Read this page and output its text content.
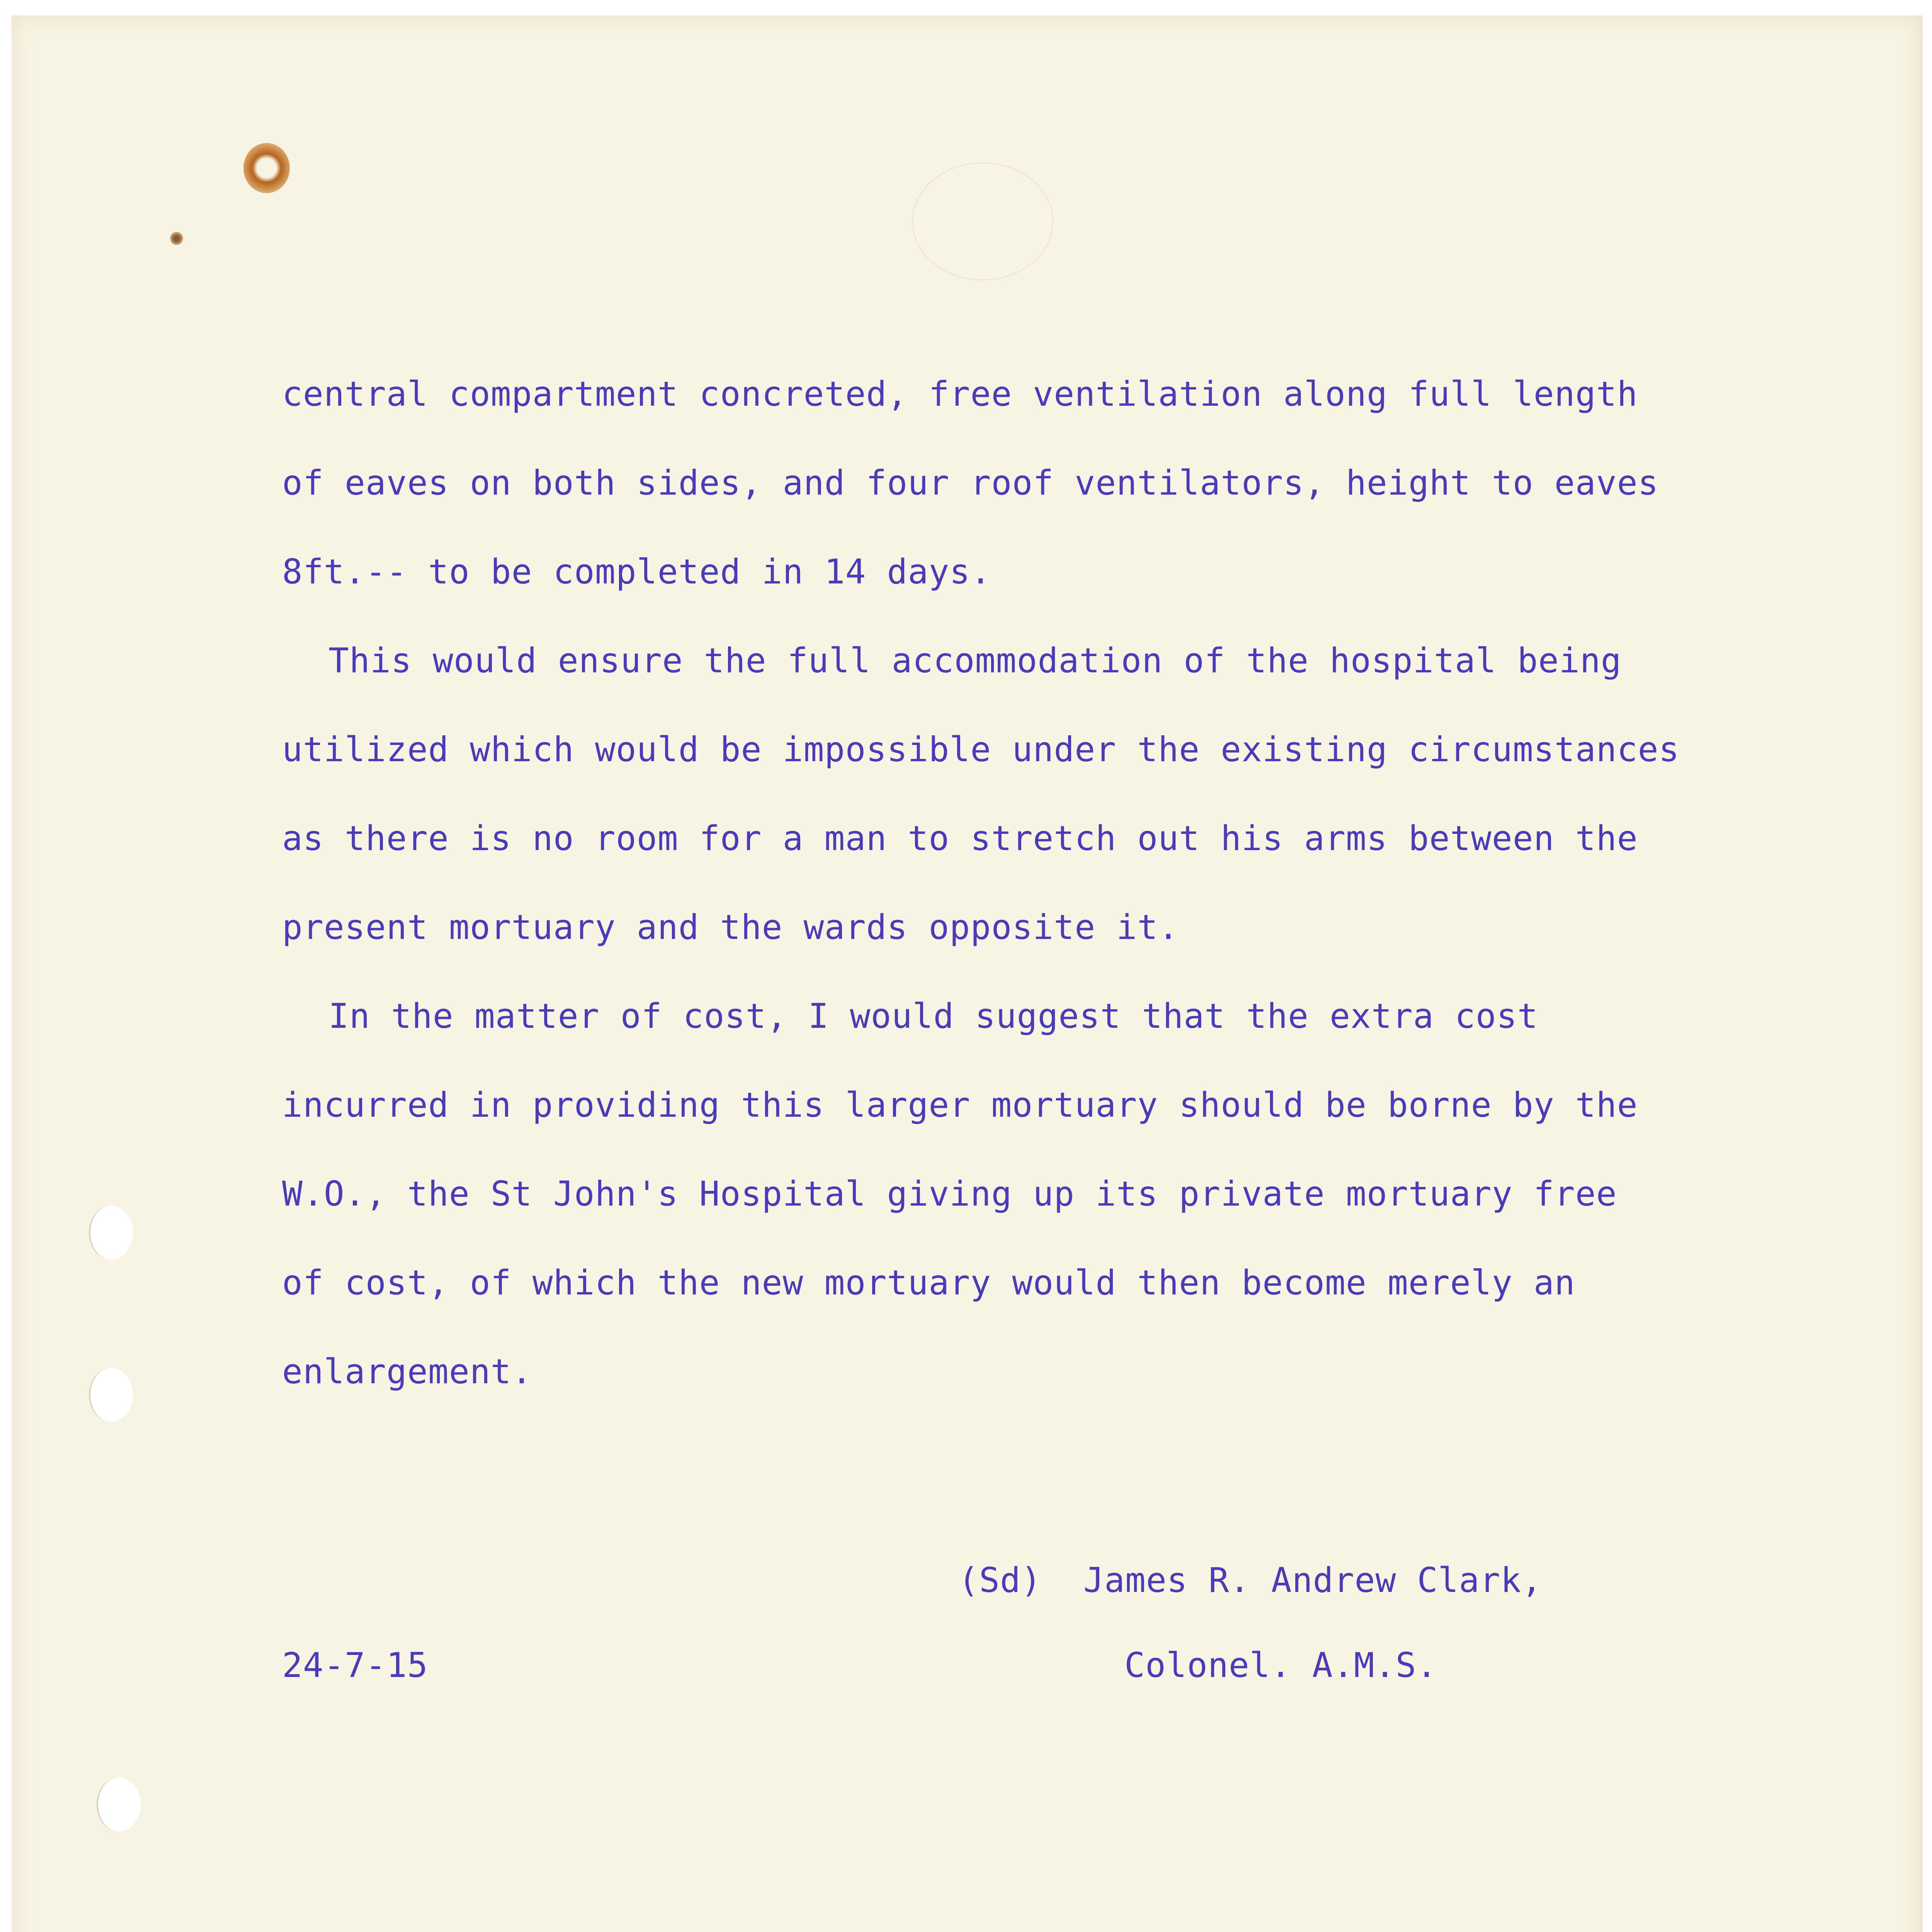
central compartment concreted, free ventilation along full length

of eaves on both sides, and four roof ventilators, height to eaves

8ft.-- to be completed in 14 days.

This would ensure the full accommodation of the hospital being

utilized which would be impossible under the existing circumstances

as there is no room for a man to stretch out his arms between the

present mortuary and the wards opposite it.

In the matter of cost, I would suggest that the extra cost

incurred in providing this larger mortuary should be borne by the

W.O., the St John's Hospital giving up its private mortuary free

of cost, of which the new mortuary would then become merely an

enlargement.

(Sd)  James R. Andrew Clark,

24-7-15	Colonel. A.M.S.
